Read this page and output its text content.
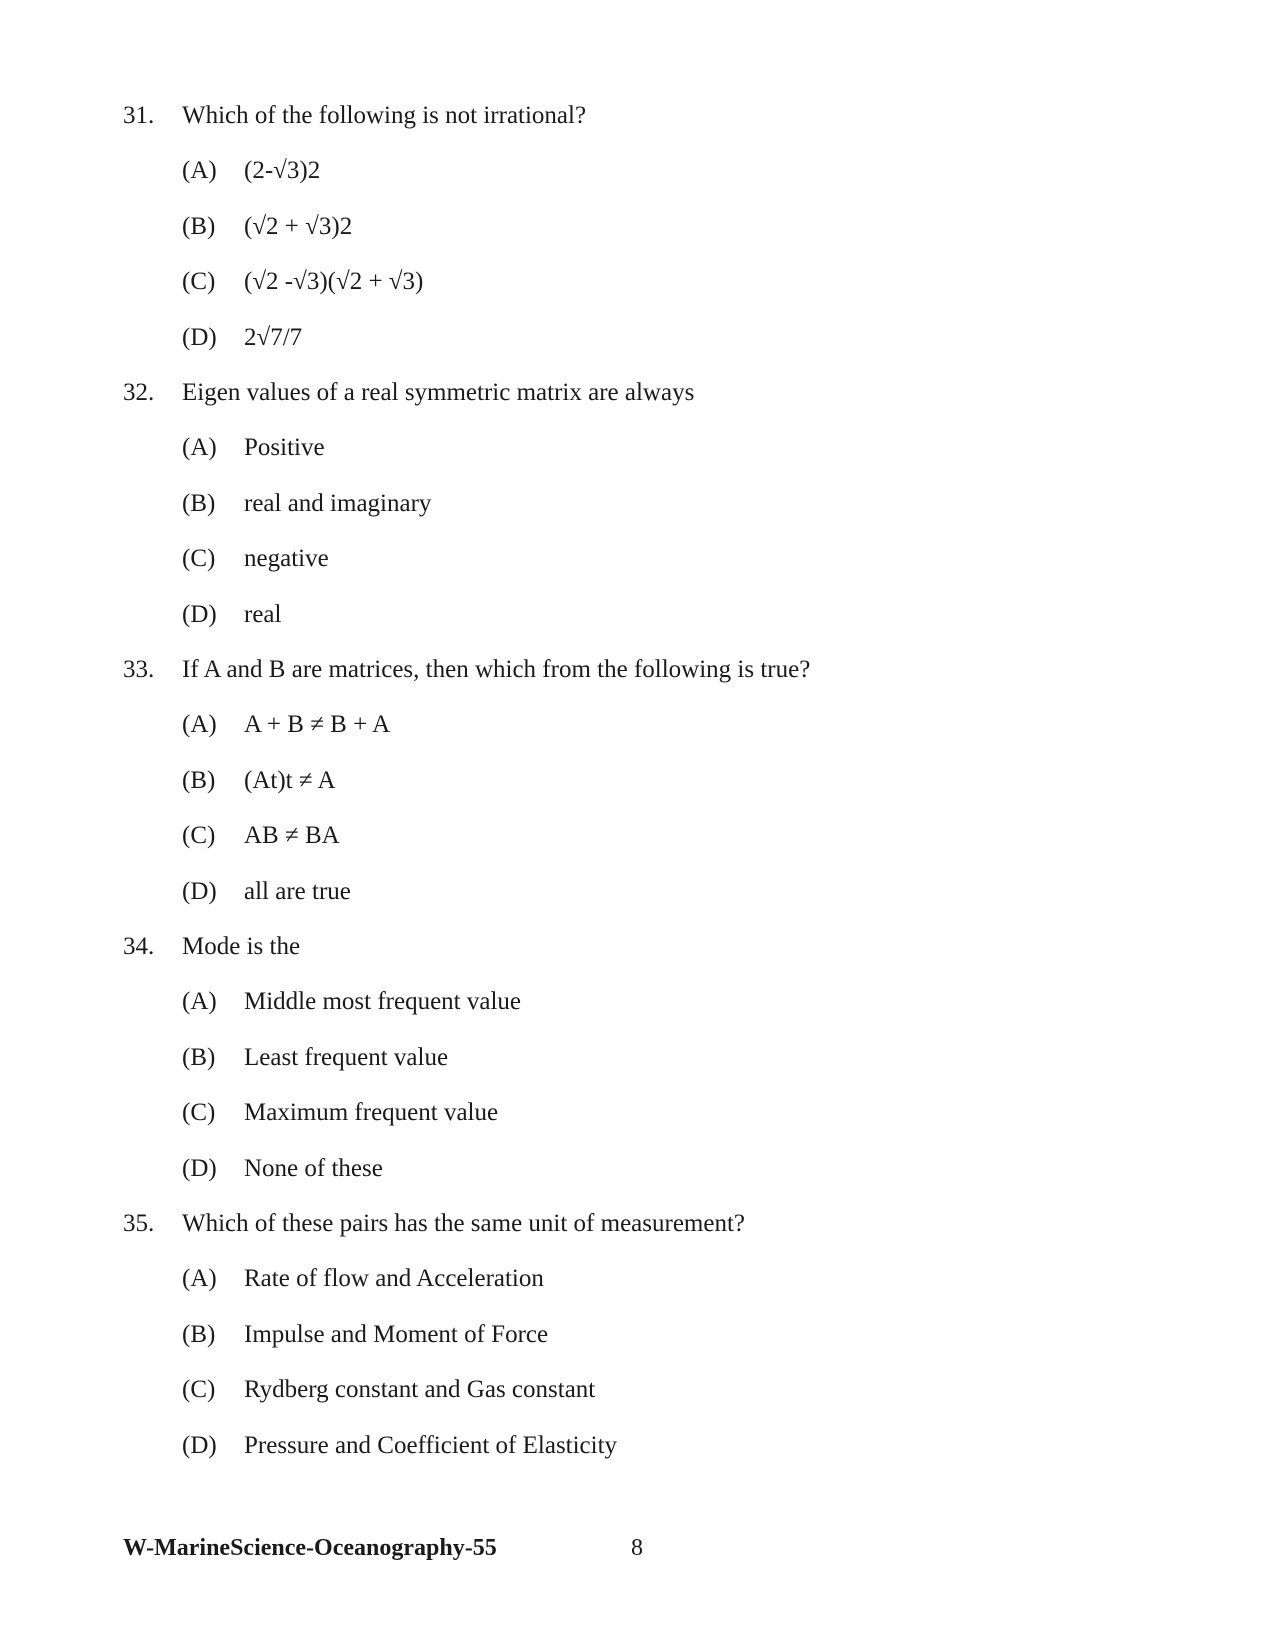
31.	Which of the following is not irrational?
(A)	(2-√3)2
(B)	(√2 + √3)2
(C)	(√2 -√3)(√2 + √3)
(D)	2√7/7
32.	Eigen values of a real symmetric matrix are always
(A)	Positive
(B)	real and imaginary
(C)	negative
(D)	real
33.	If A and B are matrices, then which from the following is true?
(A)	A + B ≠ B + A
(B)	(At)t ≠ A
(C)	AB ≠ BA
(D)	all are true
34.	Mode is the
(A)	Middle most frequent value
(B)	Least frequent value
(C)	Maximum frequent value
(D)	None of these
35.	Which of these pairs has the same unit of measurement?
(A)	Rate of flow and Acceleration
(B)	Impulse and Moment of Force
(C)	Rydberg constant and Gas constant
(D)	Pressure and Coefficient of Elasticity
W-MarineScience-Oceanography-55	8
